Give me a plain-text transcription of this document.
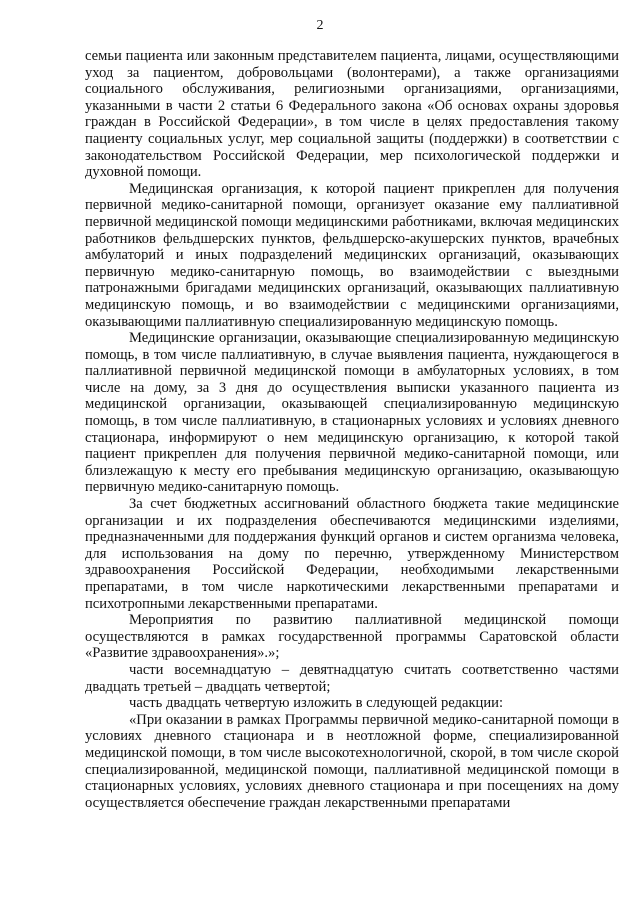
2

семьи пациента или законным представителем пациента, лицами, осуществляющими уход за пациентом, добровольцами (волонтерами), а также организациями социального обслуживания, религиозными организациями, организациями, указанными в части 2 статьи 6 Федерального закона «Об основах охраны здоровья граждан в Российской Федерации», в том числе в целях предоставления такому пациенту социальных услуг, мер социальной защиты (поддержки) в соответствии с законодательством Российской Федерации, мер психологической поддержки и духовной помощи.

Медицинская организация, к которой пациент прикреплен для получения первичной медико-санитарной помощи, организует оказание ему паллиативной первичной медицинской помощи медицинскими работниками, включая медицинских работников фельдшерских пунктов, фельдшерско-акушерских пунктов, врачебных амбулаторий и иных подразделений медицинских организаций, оказывающих первичную медико-санитарную помощь, во взаимодействии с выездными патронажными бригадами медицинских организаций, оказывающих паллиативную медицинскую помощь, и во взаимодействии с медицинскими организациями, оказывающими паллиативную специализированную медицинскую помощь.

Медицинские организации, оказывающие специализированную медицинскую помощь, в том числе паллиативную, в случае выявления пациента, нуждающегося в паллиативной первичной медицинской помощи в амбулаторных условиях, в том числе на дому, за 3 дня до осуществления выписки указанного пациента из медицинской организации, оказывающей специализированную медицинскую помощь, в том числе паллиативную, в стационарных условиях и условиях дневного стационара, информируют о нем медицинскую организацию, к которой такой пациент прикреплен для получения первичной медико-санитарной помощи, или близлежащую к месту его пребывания медицинскую организацию, оказывающую первичную медико-санитарную помощь.

За счет бюджетных ассигнований областного бюджета такие медицинские организации и их подразделения обеспечиваются медицинскими изделиями, предназначенными для поддержания функций органов и систем организма человека, для использования на дому по перечню, утвержденному Министерством здравоохранения Российской Федерации, необходимыми лекарственными препаратами, в том числе наркотическими лекарственными препаратами и психотропными лекарственными препаратами.

Мероприятия по развитию паллиативной медицинской помощи осуществляются в рамках государственной программы Саратовской области «Развитие здравоохранения».»;

части восемнадцатую – девятнадцатую считать соответственно частями двадцать третьей – двадцать четвертой;

часть двадцать четвертую изложить в следующей редакции:

«При оказании в рамках Программы первичной медико-санитарной помощи в условиях дневного стационара и в неотложной форме, специализированной медицинской помощи, в том числе высокотехнологичной, скорой, в том числе скорой специализированной, медицинской помощи, паллиативной медицинской помощи в стационарных условиях, условиях дневного стационара и при посещениях на дому осуществляется обеспечение граждан лекарственными препаратами
